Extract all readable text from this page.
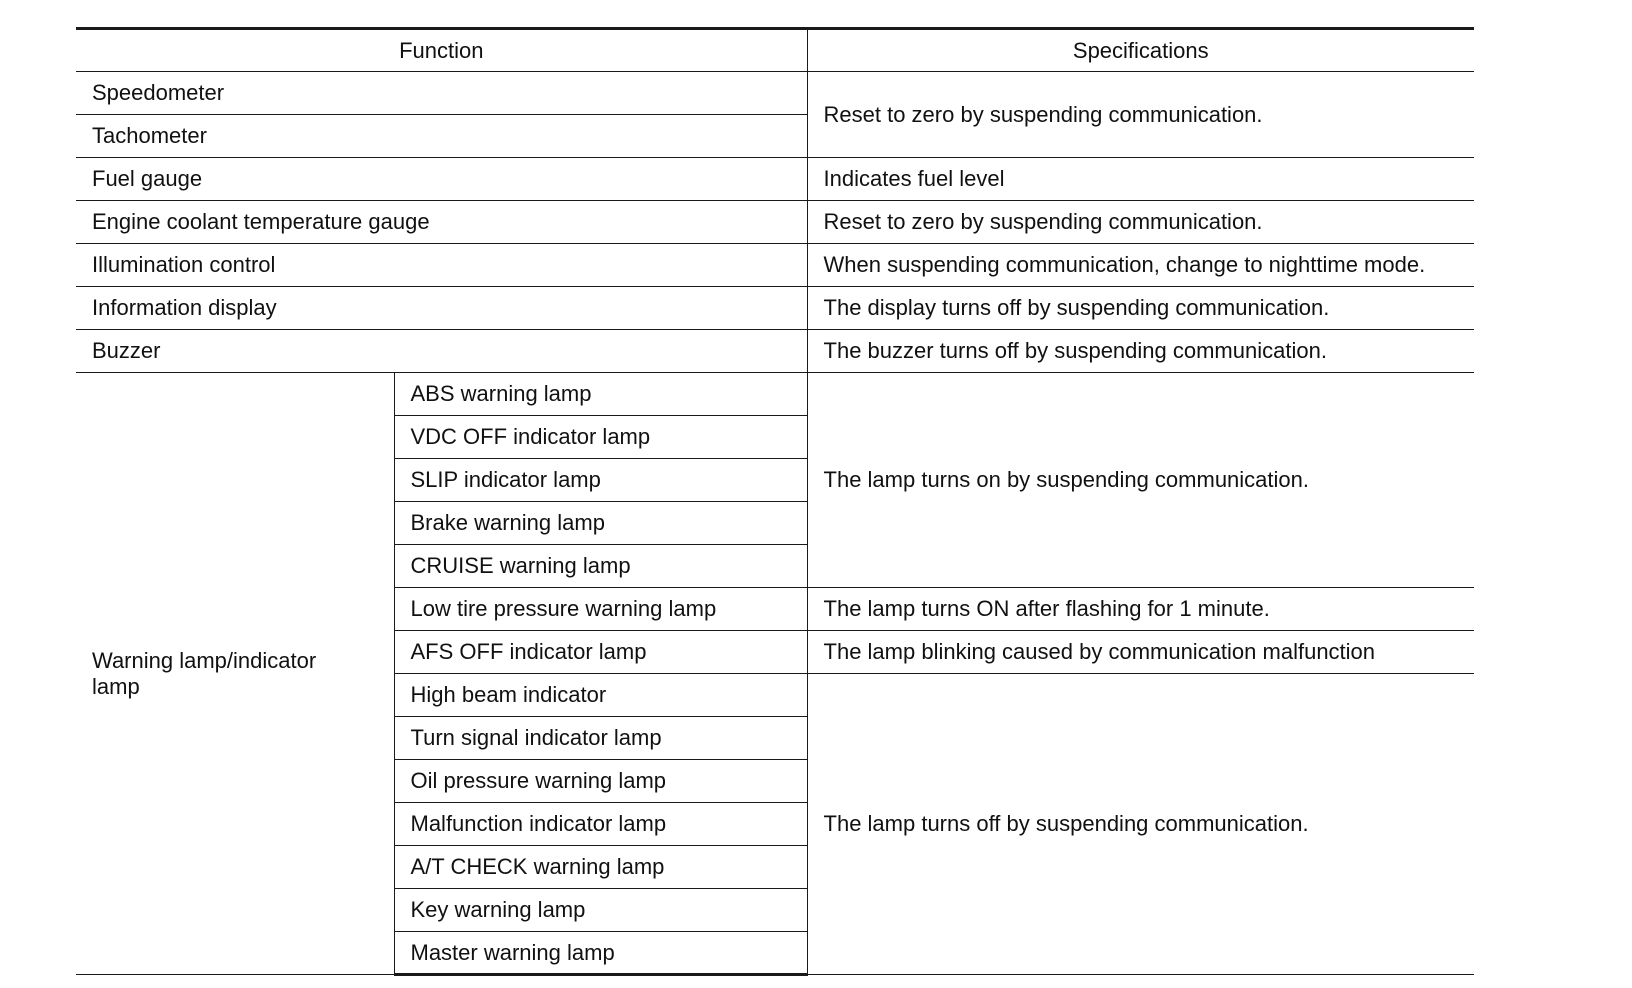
Function		Specifications
Speedometer		Reset to zero by suspending communication.
Tachometer		
Fuel gauge		Indicates fuel level
Engine coolant temperature gauge		Reset to zero by suspending communication.
Illumination control		When suspending communication, change to nighttime mode.
Information display		The display turns off by suspending communication.
Buzzer		The buzzer turns off by suspending communication.
Warning lamp/indicator lamp	ABS warning lamp	The lamp turns on by suspending communication.
	VDC OFF indicator lamp	
	SLIP indicator lamp	
	Brake warning lamp	
	CRUISE warning lamp	
	Low tire pressure warning lamp	The lamp turns ON after flashing for 1 minute.
	AFS OFF indicator lamp	The lamp blinking caused by communication malfunction
	High beam indicator	The lamp turns off by suspending communication.
	Turn signal indicator lamp	
	Oil pressure warning lamp	
	Malfunction indicator lamp	
	A/T CHECK warning lamp	
	Key warning lamp	
	Master warning lamp	
